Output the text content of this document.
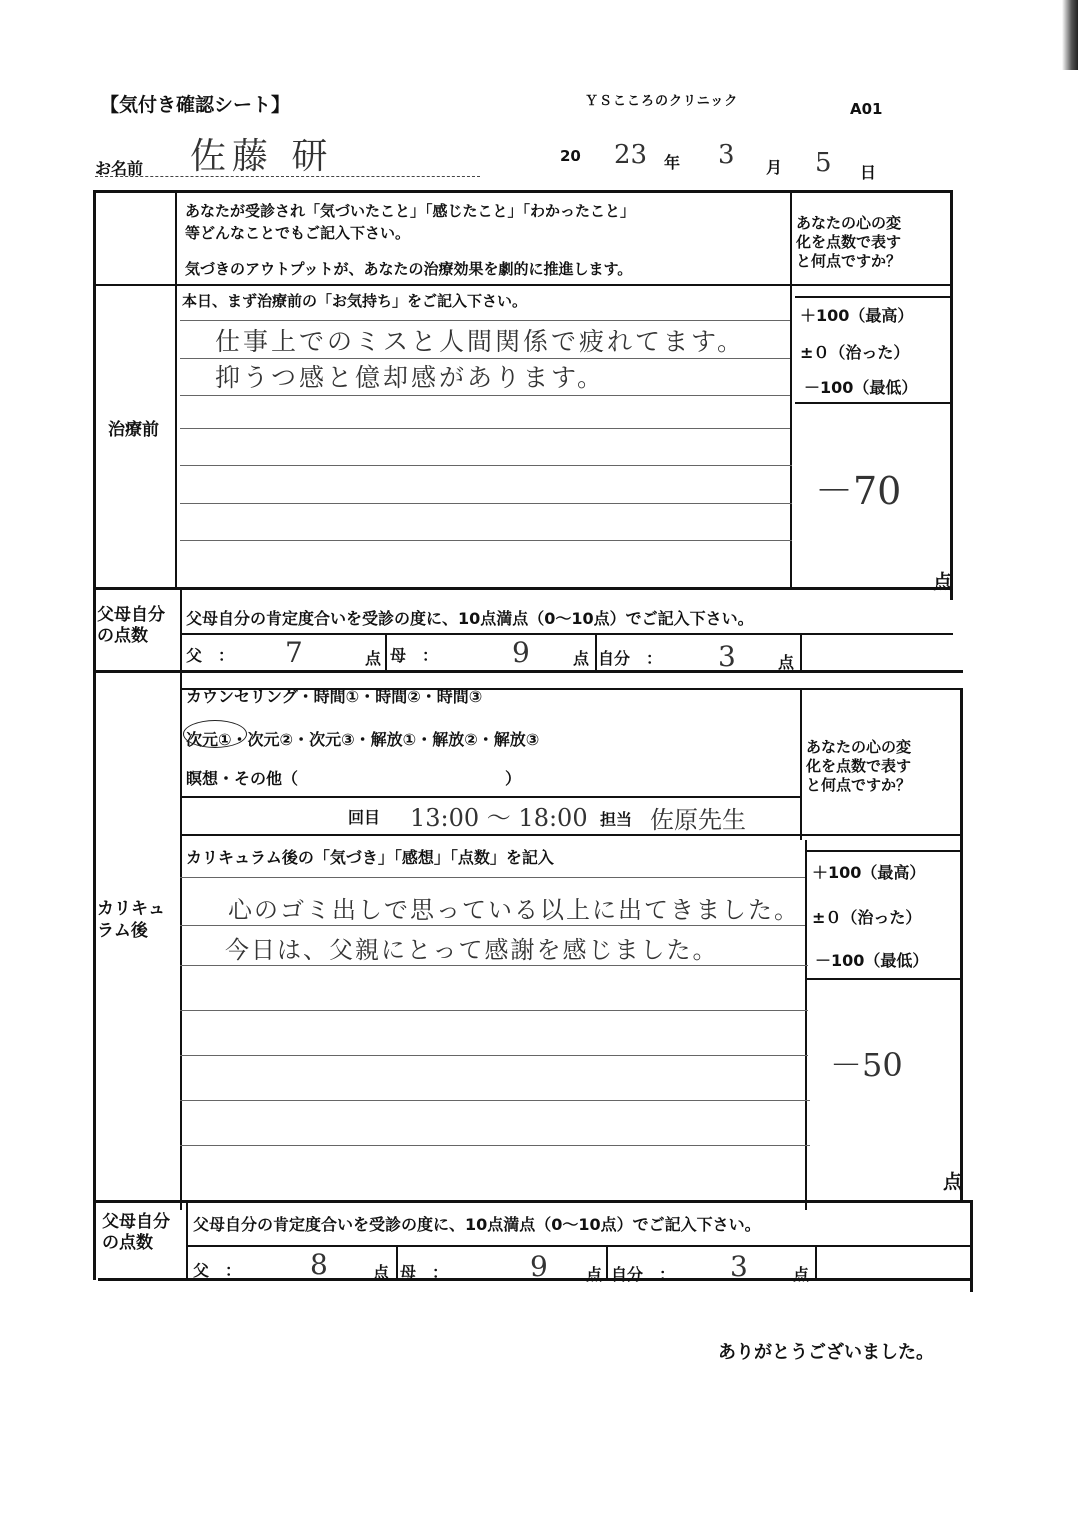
【気付き確認シート】	ＹＳこころのクリニック	A01
お名前 佐藤 研	20 23 年 3 月 5 日
あなたが受診され「気づいたこと」「感じたこと」「わかったこと」
等どんなことでもご記入下さい。
気づきのアウトプットが、あなたの治療効果を劇的に推進します。
あなたの心の変
化を点数で表す
と何点ですか？
治療前
本日、まず治療前の「お気持ち」をご記入下さい。
仕事上でのミスと人間関係で疲れてます。
抑うつ感と億却感があります。
＋100（最高）
±０（治った）
－100（最低）
－70
点
父母自分
の点数
父母自分の肯定度合いを受診の度に、10点満点（0～10点）でご記入下さい。
父　： 7	点 母　：	9	点 自分　： 3	点
カリキュ
ラム後
カウンセリング・時間①・時間②・時間③
次元①・次元②・次元③・解放①・解放②・解放③
瞑想・その他（	）
あなたの心の変
化を点数で表す
と何点ですか？
回目 13:00 ～ 18:00 担当 佐原先生
カリキュラム後の「気づき」「感想」「点数」を記入
心のゴミ出しで思っている以上に出てきました。
今日は、父親にとって感謝を感じました。
＋100（最高）
±０（治った）
－100（最低）
－50
点
父母自分
の点数
父母自分の肯定度合いを受診の度に、10点満点（0～10点）でご記入下さい。
父　： 8	点 母　：	9 点 自分　： 3	点
ありがとうございました。
